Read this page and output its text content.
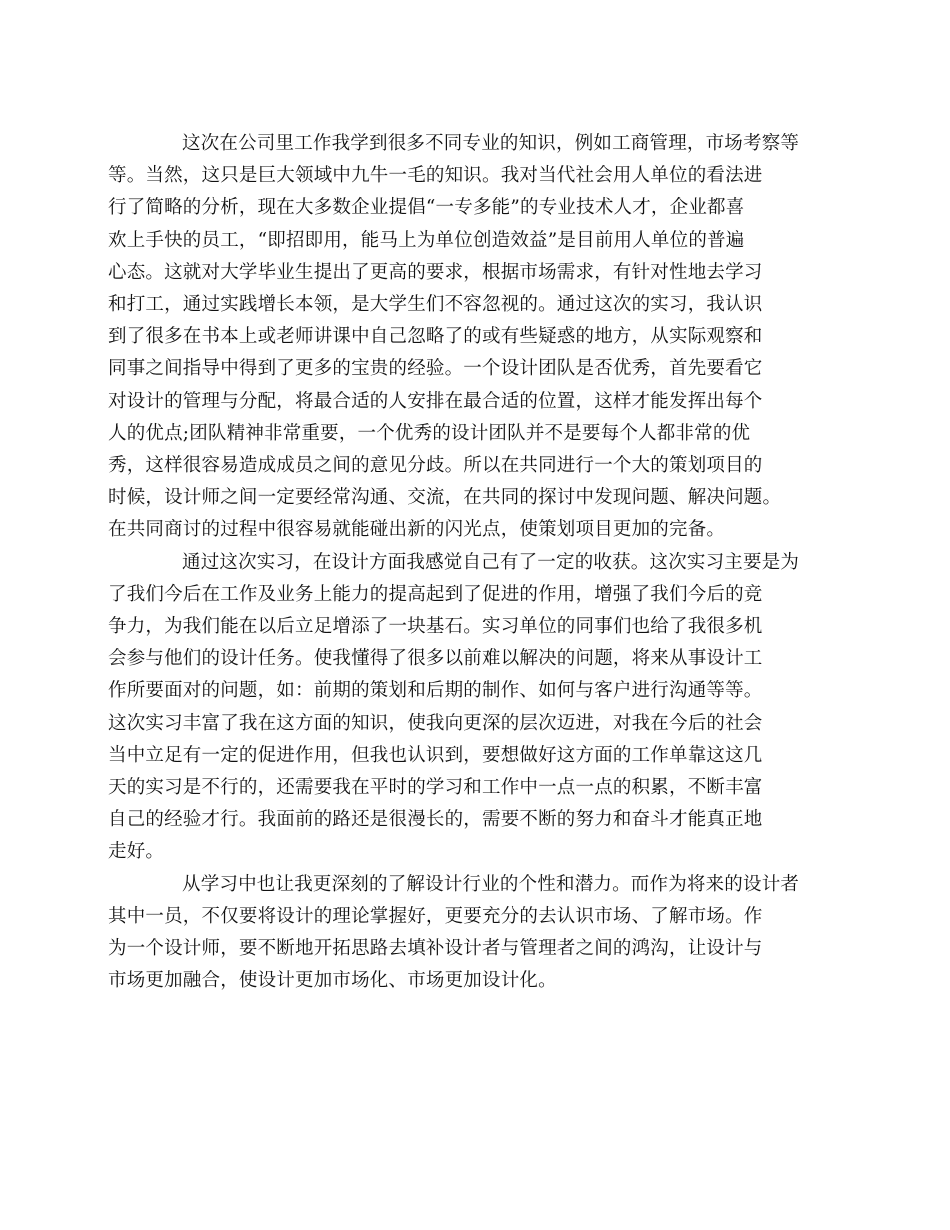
这次在公司里工作我学到很多不同专业的知识，例如工商管理，市场考察等
等。当然，这只是巨大领域中九牛一毛的知识。我对当代社会用人单位的看法进
行了简略的分析，现在大多数企业提倡“一专多能”的专业技术人才，企业都喜
欢上手快的员工，“即招即用，能马上为单位创造效益”是目前用人单位的普遍
心态。这就对大学毕业生提出了更高的要求，根据市场需求，有针对性地去学习
和打工，通过实践增长本领，是大学生们不容忽视的。通过这次的实习，我认识
到了很多在书本上或老师讲课中自己忽略了的或有些疑惑的地方，从实际观察和
同事之间指导中得到了更多的宝贵的经验。一个设计团队是否优秀，首先要看它
对设计的管理与分配，将最合适的人安排在最合适的位置，这样才能发挥出每个
人的优点;团队精神非常重要，一个优秀的设计团队并不是要每个人都非常的优
秀，这样很容易造成成员之间的意见分歧。所以在共同进行一个大的策划项目的
时候，设计师之间一定要经常沟通、交流，在共同的探讨中发现问题、解决问题。
在共同商讨的过程中很容易就能碰出新的闪光点，使策划项目更加的完备。

通过这次实习，在设计方面我感觉自己有了一定的收获。这次实习主要是为
了我们今后在工作及业务上能力的提高起到了促进的作用，增强了我们今后的竞
争力，为我们能在以后立足增添了一块基石。实习单位的同事们也给了我很多机
会参与他们的设计任务。使我懂得了很多以前难以解决的问题，将来从事设计工
作所要面对的问题，如：前期的策划和后期的制作、如何与客户进行沟通等等。
这次实习丰富了我在这方面的知识，使我向更深的层次迈进，对我在今后的社会
当中立足有一定的促进作用，但我也认识到，要想做好这方面的工作单靠这这几
天的实习是不行的，还需要我在平时的学习和工作中一点一点的积累，不断丰富
自己的经验才行。我面前的路还是很漫长的，需要不断的努力和奋斗才能真正地
走好。

从学习中也让我更深刻的了解设计行业的个性和潜力。而作为将来的设计者
其中一员，不仅要将设计的理论掌握好，更要充分的去认识市场、了解市场。作
为一个设计师，要不断地开拓思路去填补设计者与管理者之间的鸿沟，让设计与
市场更加融合，使设计更加市场化、市场更加设计化。
